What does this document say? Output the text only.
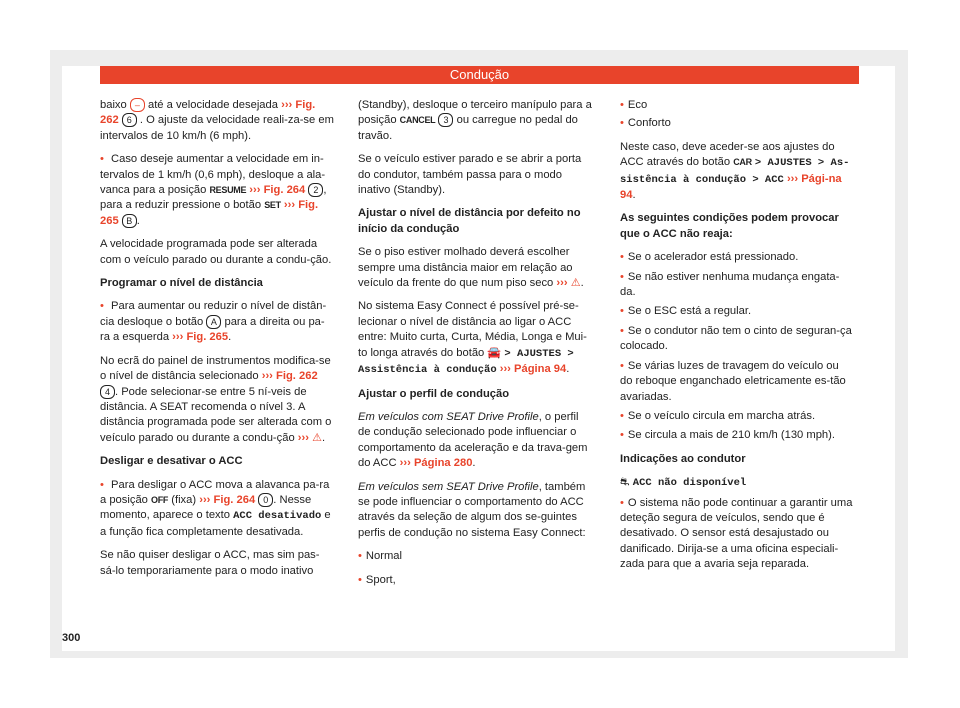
Condução

baixo – até a velocidade desejada ››› Fig. 262 6 . O ajuste da velocidade reali-za-se em intervalos de 10 km/h (6 mph).

• Caso deseje aumentar a velocidade em in-tervalos de 1 km/h (0,6 mph), desloque a ala-vanca para a posição RESUME ››› Fig. 264 2 , para a reduzir pressione o botão SET ››› Fig. 265 B .

A velocidade programada pode ser alterada com o veículo parado ou durante a condu-ção.

Programar o nível de distância

• Para aumentar ou reduzir o nível de distân-cia desloque o botão A para a direita ou pa-ra a esquerda ››› Fig. 265.

No ecrã do painel de instrumentos modifica-se o nível de distância selecionado ››› Fig. 262 4 . Pode selecionar-se entre 5 ní-veis de distância. A SEAT recomenda o nível 3. A distância programada pode ser alterada com o veículo parado ou durante a condu-ção ››› ⚠.

Desligar e desativar o ACC

• Para desligar o ACC mova a alavanca pa-ra a posição OFF (fixa) ››› Fig. 264 0 . Nesse momento, aparece o texto ACC desativado e a função fica completamente desativada.

Se não quiser desligar o ACC, mas sim pas-sá-lo temporariamente para o modo inativo

(Standby), desloque o terceiro manípulo para a posição CANCEL 3 ou carregue no pedal do travão.

Se o veículo estiver parado e se abrir a porta do condutor, também passa para o modo inativo (Standby).

Ajustar o nível de distância por defeito no início da condução

Se o piso estiver molhado deverá escolher sempre uma distância maior em relação ao veículo da frente do que num piso seco ››› ⚠.

No sistema Easy Connect é possível pré-se-lecionar o nível de distância ao ligar o ACC entre: Muito curta, Curta, Média, Longa e Mui-to longa através do botão 🚘 > AJUSTES > Assistência à condução ››› Página 94.

Ajustar o perfil de condução

Em veículos com SEAT Drive Profile, o perfil de condução selecionado pode influenciar o comportamento da aceleração e da trava-gem do ACC ››› Página 280.

Em veículos sem SEAT Drive Profile, também se pode influenciar o comportamento do ACC através da seleção de algum dos se-guintes perfis de condução no sistema Easy Connect:

• Normal

• Sport,

• Eco

• Conforto

Neste caso, deve aceder-se aos ajustes do ACC através do botão CAR > AJUSTES > As-sistência à condução > ACC ››› Pági-na 94.

As seguintes condições podem provocar que o ACC não reaja:

• Se o acelerador está pressionado.

• Se não estiver nenhuma mudança engata-da.

• Se o ESC está a regular.

• Se o condutor não tem o cinto de seguran-ça colocado.

• Se várias luzes de travagem do veículo ou do reboque enganchado eletricamente es-tão avariadas.

• Se o veículo circula em marcha atrás.

• Se circula a mais de 210 km/h (130 mph).

Indicações ao condutor

⛐ ACC não disponível

• O sistema não pode continuar a garantir uma deteção segura de veículos, sendo que é desativado. O sensor está desajustado ou danificado. Dirija-se a uma oficina especiali-zada para que a avaria seja reparada.

300
